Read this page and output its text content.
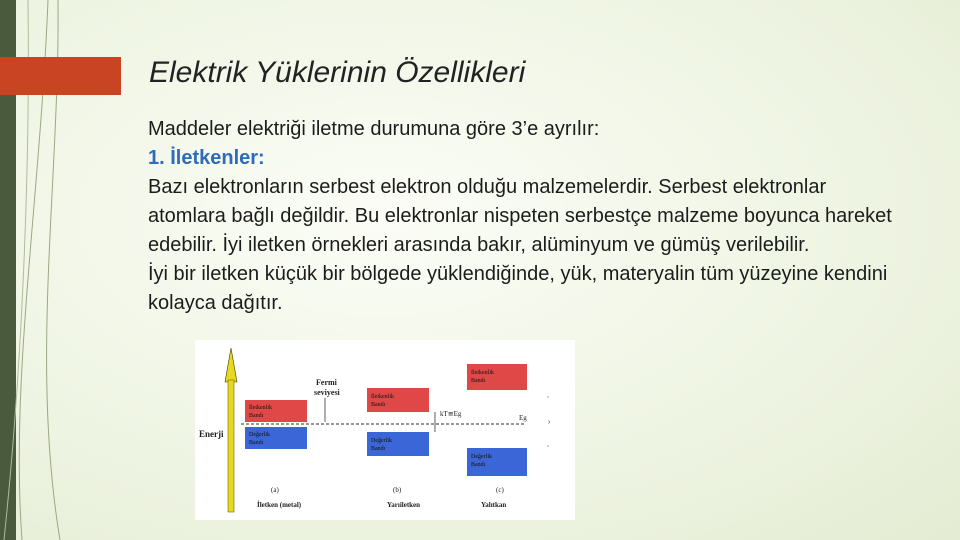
Elektrik Yüklerinin Özellikleri

Maddeler elektriği iletme durumuna göre 3’e ayrılır:

1. İletkenler:

Bazı elektronların serbest elektron olduğu malzemelerdir. Serbest elektronlar atomlara bağlı değildir. Bu elektronlar nispeten serbestçe malzeme boyunca hareket edebilir. İyi iletken örnekleri arasında bakır, alüminyum ve gümüş verilebilir.

İyi bir iletken küçük bir bölgede yüklendiğinde, yük, materyalin tüm yüzeyine kendini kolayca dağıtır.

Enerji
Fermi
seviyesi
İletkenlik
Bandı
Değerlik
Bandı
İletkenlik
Bandı
Değerlik
Bandı
kT≅Eg
İletkenlik
Bandı
Değerlik
Bandı
Eg
,
›
,
(a)	(b)	(c)
İletken (metal)	Yarıiletken	Yalıtkan
